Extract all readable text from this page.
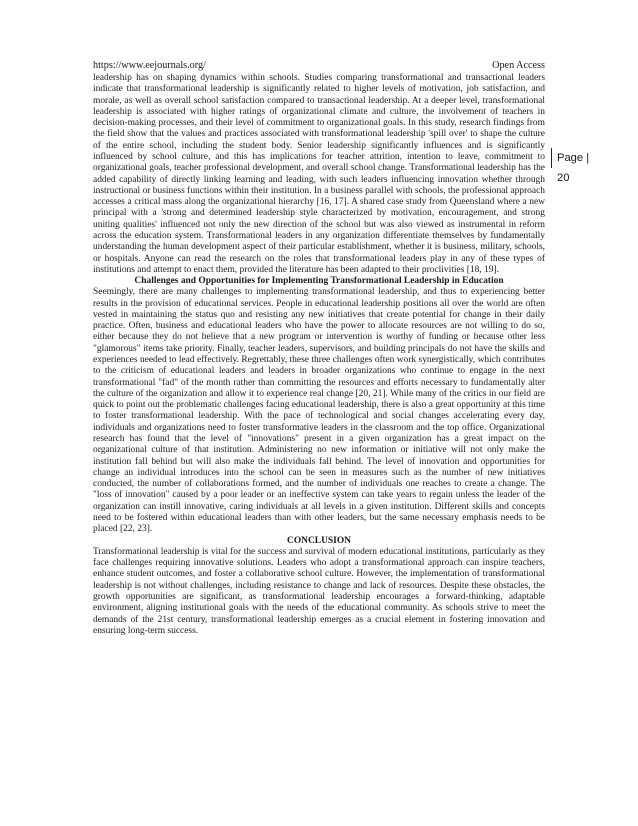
https://www.eejournals.org/	Open Access
Page | 20

leadership has on shaping dynamics within schools. Studies comparing transformational and transactional leaders indicate that transformational leadership is significantly related to higher levels of motivation, job satisfaction, and morale, as well as overall school satisfaction compared to transactional leadership. At a deeper level, transformational leadership is associated with higher ratings of organizational climate and culture, the involvement of teachers in decision-making processes, and their level of commitment to organizational goals. In this study, research findings from the field show that the values and practices associated with transformational leadership 'spill over' to shape the culture of the entire school, including the student body. Senior leadership significantly influences and is significantly influenced by school culture, and this has implications for teacher attrition, intention to leave, commitment to organizational goals, teacher professional development, and overall school change. Transformational leadership has the added capability of directly linking learning and leading, with such leaders influencing innovation whether through instructional or business functions within their institution. In a business parallel with schools, the professional approach accesses a critical mass along the organizational hierarchy [16, 17]. A shared case study from Queensland where a new principal with a 'strong and determined leadership style characterized by motivation, encouragement, and strong uniting qualities' influenced not only the new direction of the school but was also viewed as instrumental in reform across the education system. Transformational leaders in any organization differentiate themselves by fundamentally understanding the human development aspect of their particular establishment, whether it is business, military, schools, or hospitals. Anyone can read the research on the roles that transformational leaders play in any of these types of institutions and attempt to enact them, provided the literature has been adapted to their proclivities [18, 19].

Challenges and Opportunities for Implementing Transformational Leadership in Education

Seemingly, there are many challenges to implementing transformational leadership, and thus to experiencing better results in the provision of educational services. People in educational leadership positions all over the world are often vested in maintaining the status quo and resisting any new initiatives that create potential for change in their daily practice. Often, business and educational leaders who have the power to allocate resources are not willing to do so, either because they do not believe that a new program or intervention is worthy of funding or because other less "glamorous" items take priority. Finally, teacher leaders, supervisors, and building principals do not have the skills and experiences needed to lead effectively. Regrettably, these three challenges often work synergistically, which contributes to the criticism of educational leaders and leaders in broader organizations who continue to engage in the next transformational "fad" of the month rather than committing the resources and efforts necessary to fundamentally alter the culture of the organization and allow it to experience real change [20, 21]. While many of the critics in our field are quick to point out the problematic challenges facing educational leadership, there is also a great opportunity at this time to foster transformational leadership. With the pace of technological and social changes accelerating every day, individuals and organizations need to foster transformative leaders in the classroom and the top office. Organizational research has found that the level of "innovations" present in a given organization has a great impact on the organizational culture of that institution. Administering no new information or initiative will not only make the institution fall behind but will also make the individuals fall behind. The level of innovation and opportunities for change an individual introduces into the school can be seen in measures such as the number of new initiatives conducted, the number of collaborations formed, and the number of individuals one reaches to create a change. The "loss of innovation" caused by a poor leader or an ineffective system can take years to regain unless the leader of the organization can instill innovative, caring individuals at all levels in a given institution. Different skills and concepts need to be fostered within educational leaders than with other leaders, but the same necessary emphasis needs to be placed [22, 23].

CONCLUSION

Transformational leadership is vital for the success and survival of modern educational institutions, particularly as they face challenges requiring innovative solutions. Leaders who adopt a transformational approach can inspire teachers, enhance student outcomes, and foster a collaborative school culture. However, the implementation of transformational leadership is not without challenges, including resistance to change and lack of resources. Despite these obstacles, the growth opportunities are significant, as transformational leadership encourages a forward-thinking, adaptable environment, aligning institutional goals with the needs of the educational community. As schools strive to meet the demands of the 21st century, transformational leadership emerges as a crucial element in fostering innovation and ensuring long-term success.
